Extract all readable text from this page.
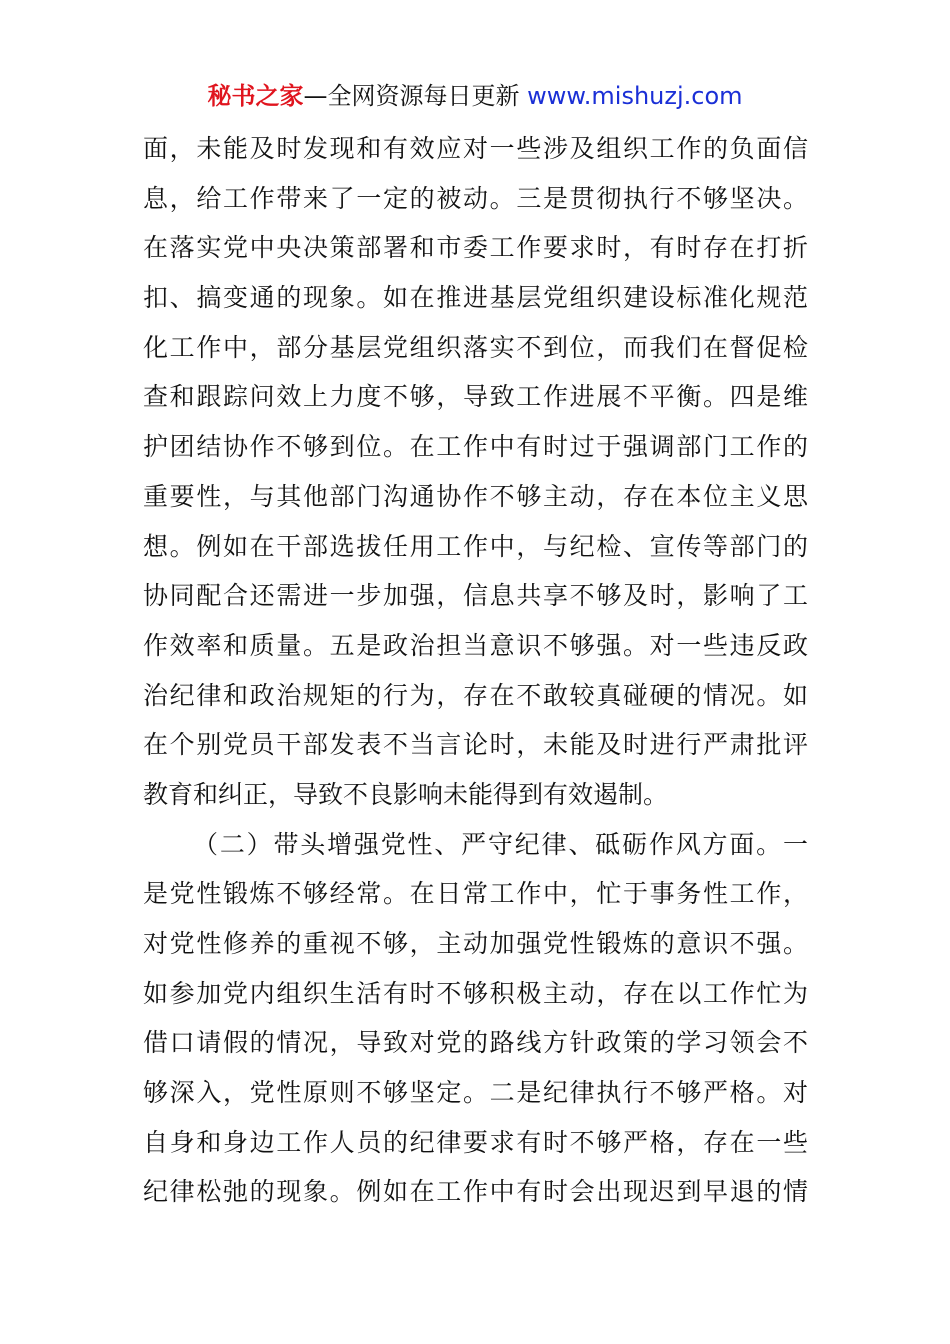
秘书之家—全网资源每日更新 www.mishuzj.com
面，未能及时发现和有效应对一些涉及组织工作的负面信
息，给工作带来了一定的被动。三是贯彻执行不够坚决。
在落实党中央决策部署和市委工作要求时，有时存在打折
扣、搞变通的现象。如在推进基层党组织建设标准化规范
化工作中，部分基层党组织落实不到位，而我们在督促检
查和跟踪问效上力度不够，导致工作进展不平衡。四是维
护团结协作不够到位。在工作中有时过于强调部门工作的
重要性，与其他部门沟通协作不够主动，存在本位主义思
想。例如在干部选拔任用工作中，与纪检、宣传等部门的
协同配合还需进一步加强，信息共享不够及时，影响了工
作效率和质量。五是政治担当意识不够强。对一些违反政
治纪律和政治规矩的行为，存在不敢较真碰硬的情况。如
在个别党员干部发表不当言论时，未能及时进行严肃批评
教育和纠正，导致不良影响未能得到有效遏制。
（二）带头增强党性、严守纪律、砥砺作风方面。一
是党性锻炼不够经常。在日常工作中，忙于事务性工作，
对党性修养的重视不够，主动加强党性锻炼的意识不强。
如参加党内组织生活有时不够积极主动，存在以工作忙为
借口请假的情况，导致对党的路线方针政策的学习领会不
够深入，党性原则不够坚定。二是纪律执行不够严格。对
自身和身边工作人员的纪律要求有时不够严格，存在一些
纪律松弛的现象。例如在工作中有时会出现迟到早退的情
